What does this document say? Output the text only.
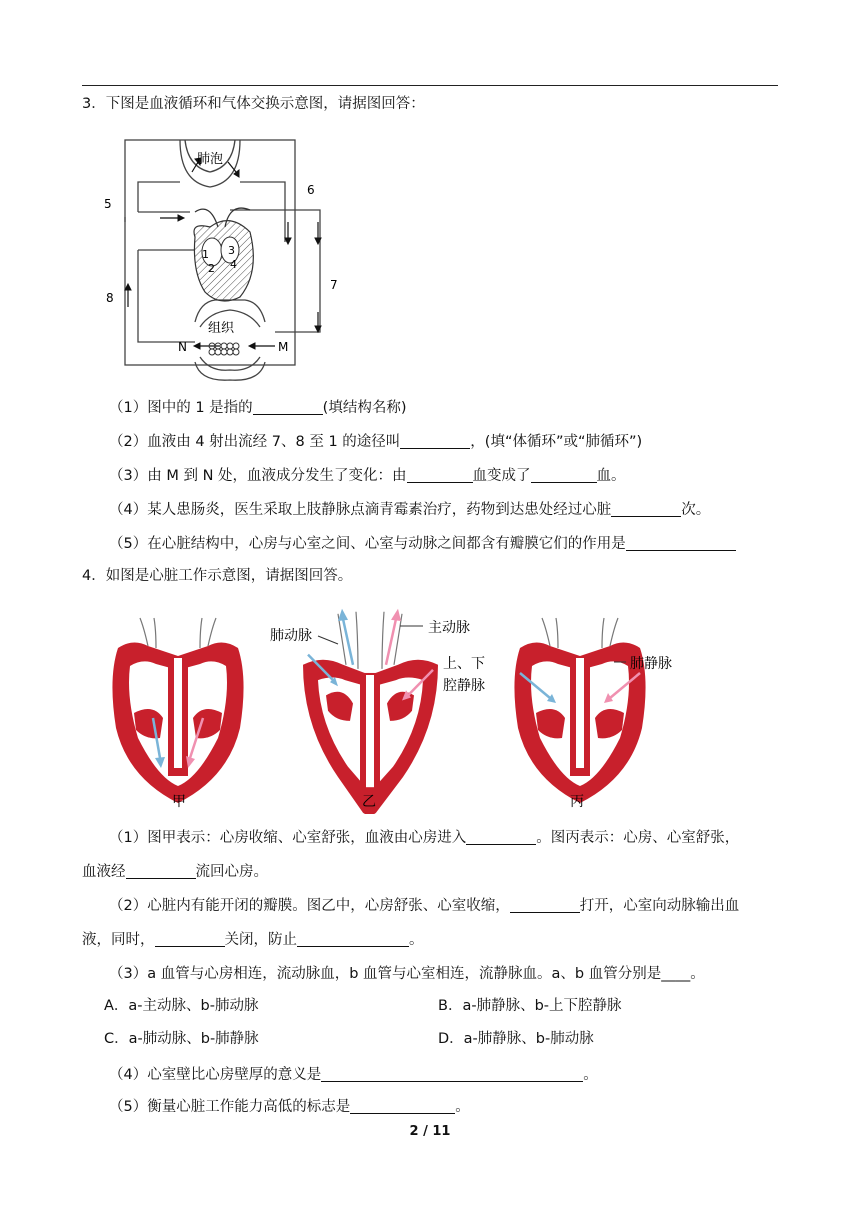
3．下图是血液循环和气体交换示意图，请据图回答：
肺泡
组织
5
6
7
8
1
2
3
4
N	M
（1）图中的 1 是指的	(填结构名称)
（2）血液由 4 射出流经 7、8 至 1 的途径叫	，(填“体循环”或“肺循环”)
（3）由 M 到 N 处，血液成分发生了变化：由	血变成了	血。
（4）某人患肠炎，医生采取上肢静脉点滴青霉素治疗，药物到达患处经过心脏	次。
（5）在心脏结构中，心房与心室之间、心室与动脉之间都含有瓣膜它们的作用是
4．如图是心脏工作示意图，请据图回答。
肺动脉	主动脉
上、下
腔静脉
肺静脉
甲	乙	丙
（1）图甲表示：心房收缩、心室舒张，血液由心房进入	。图丙表示：心房、心室舒张，
血液经	流回心房。
（2）心脏内有能开闭的瓣膜。图乙中，心房舒张、心室收缩，	打开，心室向动脉输出血
液，同时，	关闭，防止	。
（3）a 血管与心房相连，流动脉血，b 血管与心室相连，流静脉血。a、b 血管分别是____。
A．a-主动脉、b-肺动脉	B．a-肺静脉、b-上下腔静脉
C．a-肺动脉、b-肺静脉	D．a-肺静脉、b-肺动脉
（4）心室壁比心房壁厚的意义是	。
（5）衡量心脏工作能力高低的标志是	。
2 / 11
